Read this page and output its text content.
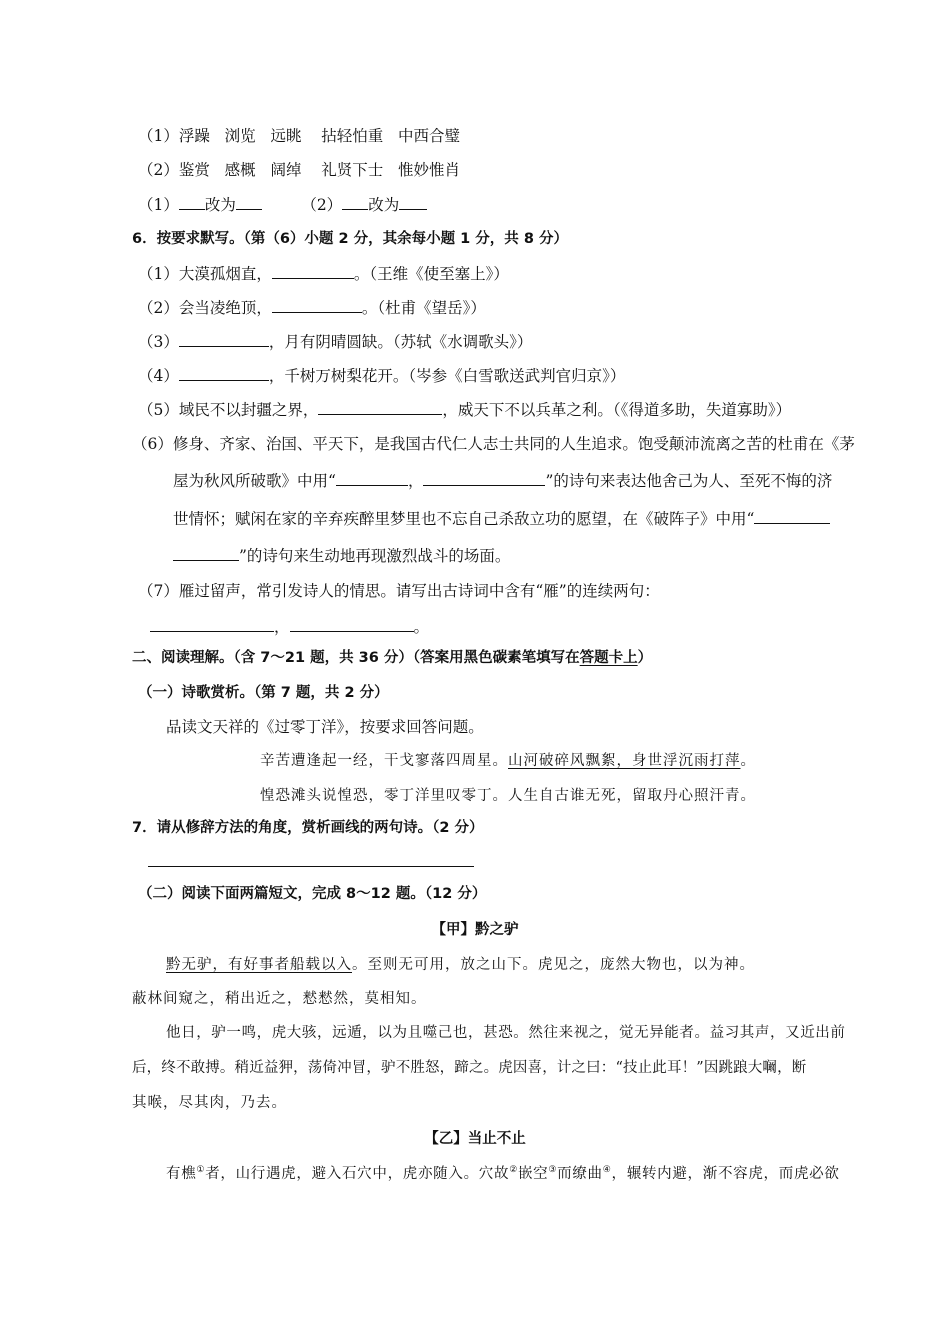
（1）浮躁 浏览 远眺 拈轻怕重 中西合璧
（2）鉴赏 感概 阔绰 礼贤下士 惟妙惟肖
（1） 改为	（2） 改为
6．按要求默写。（第（6）小题 2 分，其余每小题 1 分，共 8 分）
（1）大漠孤烟直，	。（王维《使至塞上》）
（2）会当凌绝顶，	。（杜甫《望岳》）
（3）	，月有阴晴圆缺。（苏轼《水调歌头》）
（4）	，千树万树梨花开。（岑参《白雪歌送武判官归京》）
（5）域民不以封疆之界，	，威天下不以兵革之利。（《得道多助，失道寡助》）
（6）修身、齐家、治国、平天下，是我国古代仁人志士共同的人生追求。饱受颠沛流离之苦的杜甫在《茅
屋为秋风所破歌》中用“	，	”的诗句来表达他舍己为人、至死不悔的济
世情怀；赋闲在家的辛弃疾醉里梦里也不忘自己杀敌立功的愿望，在《破阵子》中用“
”的诗句来生动地再现激烈战斗的场面。
（7）雁过留声，常引发诗人的情思。请写出古诗词中含有“雁”的连续两句：
，	。
二、阅读理解。（含 7～21 题，共 36 分）（答案用黑色碳素笔填写在答题卡上）
（一）诗歌赏析。（第 7 题，共 2 分）
品读文天祥的《过零丁洋》，按要求回答问题。
辛苦遭逢起一经，干戈寥落四周星。山河破碎风飘絮，身世浮沉雨打萍。
惶恐滩头说惶恐，零丁洋里叹零丁。人生自古谁无死，留取丹心照汗青。
7．请从修辞方法的角度，赏析画线的两句诗。（2 分）
（二）阅读下面两篇短文，完成 8～12 题。（12 分）
【甲】黔之驴
黔无驴，有好事者船载以入。至则无可用，放之山下。虎见之，庞然大物也，以为神。
蔽林间窥之，稍出近之，慭慭然，莫相知。
他日，驴一鸣，虎大骇，远遁，以为且噬己也，甚恐。然往来视之，觉无异能者。益习其声，又近出前
后，终不敢搏。稍近益狎，荡倚冲冒，驴不胜怒，蹄之。虎因喜，计之曰：“技止此耳！”因跳踉大㘎，断
其喉，尽其肉，乃去。
【乙】当止不止
有樵①者，山行遇虎，避入石穴中，虎亦随入。穴故②嵌空③而缭曲④，辗转内避，渐不容虎，而虎必欲
